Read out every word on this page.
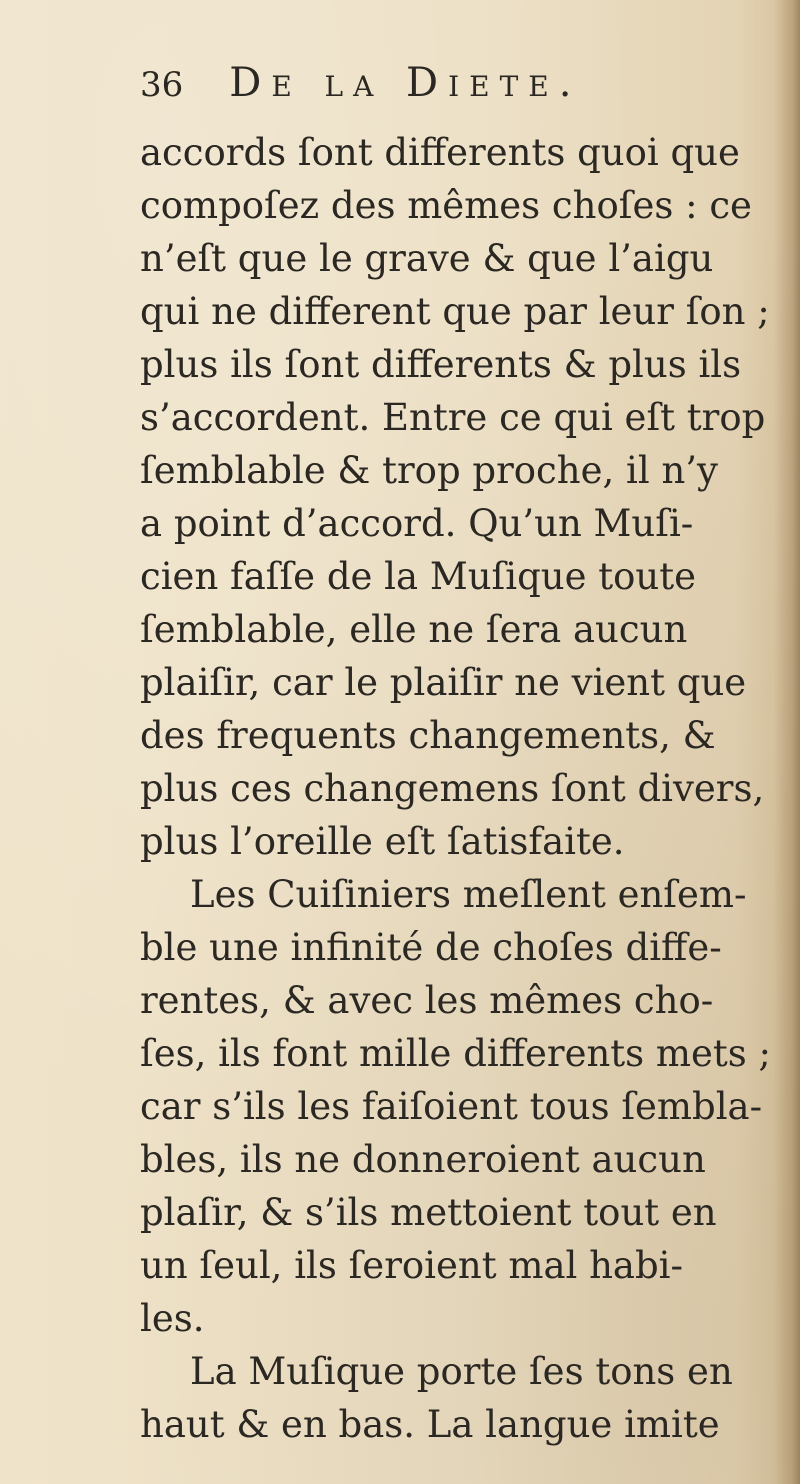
36 De la Diete.
accords ſont differents quoi que
compoſez des mêmes choſes : ce
n’eſt que le grave & que l’aigu
qui ne different que par leur ſon ;
plus ils ſont differents & plus ils
s’accordent. Entre ce qui eſt trop
ſemblable & trop proche, il n’y
a point d’accord. Qu’un Muſi-
cien faſſe de la Muſique toute
ſemblable, elle ne ſera aucun
plaiſir, car le plaiſir ne vient que
des frequents changements, &
plus ces changemens ſont divers,
plus l’oreille eſt ſatisfaite.
Les Cuiſiniers meſlent enſem-
ble une infinité de choſes diffe-
rentes, & avec les mêmes cho-
ſes, ils font mille differents mets ;
car s’ils les faiſoient tous ſembla-
bles, ils ne donneroient aucun
plaſir, & s’ils mettoient tout en
un ſeul, ils ſeroient mal habi-
les.
La Muſique porte ſes tons en
haut & en bas. La langue imite
